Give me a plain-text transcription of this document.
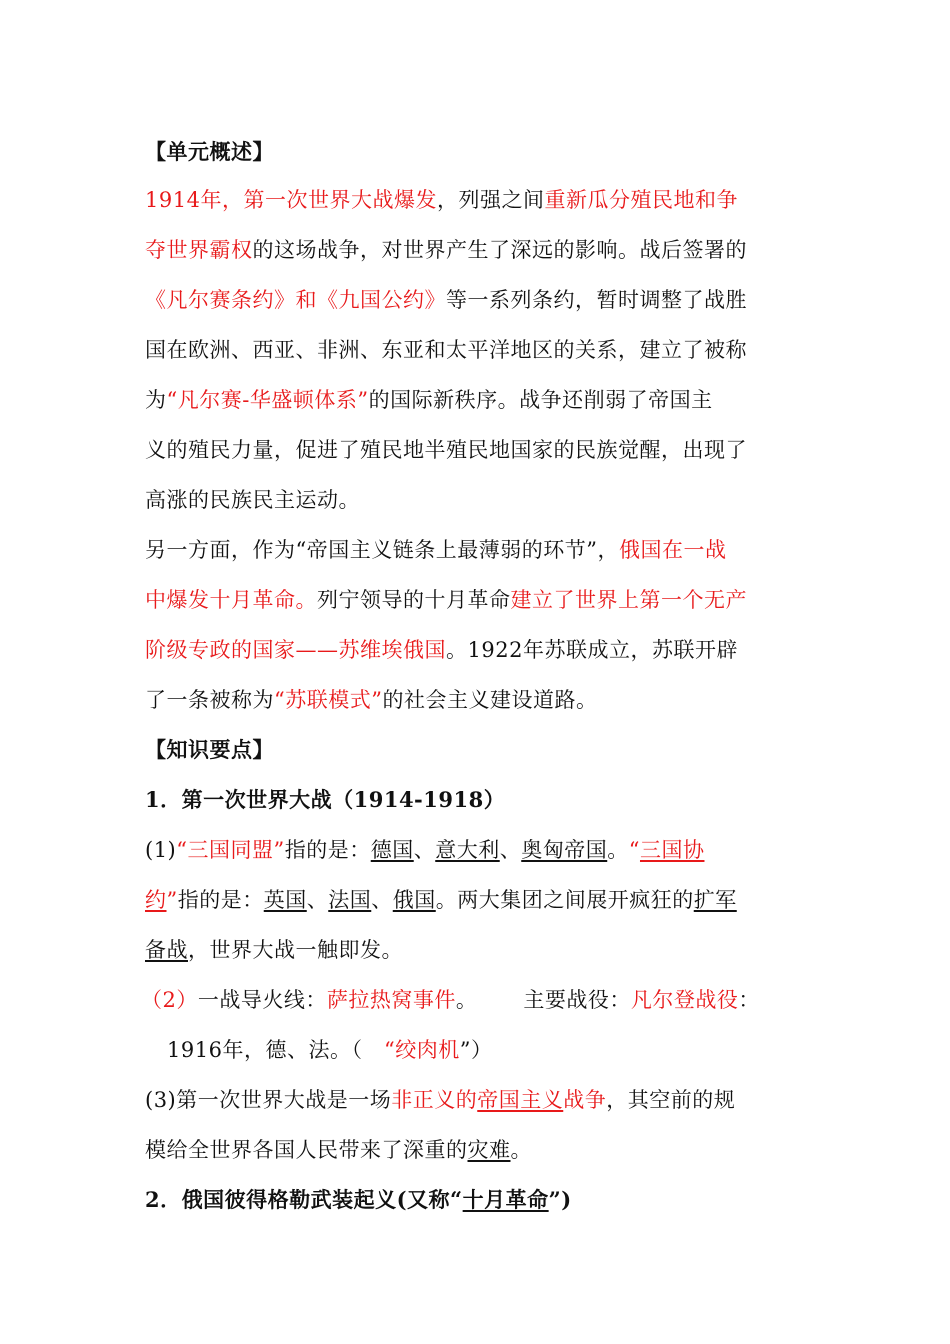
【单元概述】
1914年，第一次世界大战爆发，列强之间重新瓜分殖民地和争
夺世界霸权的这场战争，对世界产生了深远的影响。战后签署的
《凡尔赛条约》和《九国公约》等一系列条约，暂时调整了战胜
国在欧洲、西亚、非洲、东亚和太平洋地区的关系，建立了被称
为“凡尔赛-华盛顿体系”的国际新秩序。战争还削弱了帝国主
义的殖民力量，促进了殖民地半殖民地国家的民族觉醒，出现了
高涨的民族民主运动。
另一方面，作为“帝国主义链条上最薄弱的环节”，俄国在一战
中爆发十月革命。列宁领导的十月革命建立了世界上第一个无产
阶级专政的国家——苏维埃俄国。1922年苏联成立，苏联开辟
了一条被称为“苏联模式”的社会主义建设道路。
【知识要点】
1．第一次世界大战（1914-1918）
(1)“三国同盟”指的是：德国、意大利、奥匈帝国。“三国协
约”指的是：英国、法国、俄国。两大集团之间展开疯狂的扩军
备战，世界大战一触即发。
（2）一战导火线：萨拉热窝事件。 主要战役：凡尔登战役：
1916年，德、法。（　“绞肉机”）
(3)第一次世界大战是一场非正义的帝国主义战争，其空前的规
模给全世界各国人民带来了深重的灾难。
2．俄国彼得格勒武装起义(又称“十月革命”)
